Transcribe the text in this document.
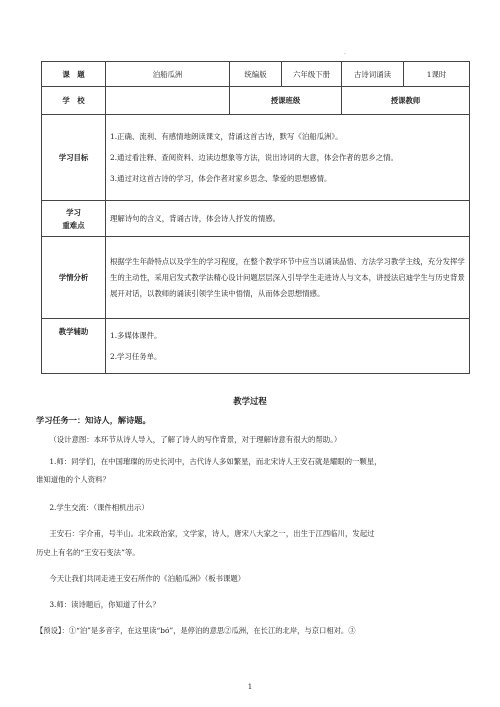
·
课　题	泊船瓜洲	统编版	六年级下册	古诗词诵读	1课时
学　校		授课班级		授课教师	
学习目标	1.正确、流利、有感情地朗读课文，背诵这首古诗，默写《泊船瓜洲》。

2.通过看注释、查阅资料、边读边想象等方法，说出诗词的大意，体会作者的思乡之情。

3.通过对这首古诗的学习，体会作者对家乡思念、挚爱的思想感情。				

学习
重难点	理解诗句的含义，背诵古诗，体会诗人抒发的情感。				
学情分析	根据学生年龄特点以及学生的学习程度，在整个教学环节中应当以诵读品悟、方法学习教学主线，充分发挥学生的主动性，采用启发式教学法精心设计问题层层深入引导学生走进诗人与文本，讲授法启迪学生与历史背景展开对话，以教师的诵读引领学生读中悟情，从而体会思想情感。				
教学辅助	1.多媒体课件。

2.学习任务单。				

教学过程
学习任务一：知诗人，解诗题。
（设计意图：本环节从诗人导入，了解了诗人的写作背景，对于理解诗意有很大的帮助。）
1.师：同学们，在中国璀璨的历史长河中，古代诗人多如繁星，而北宋诗人王安石就是耀眼的一颗星，
谁知道他的个人资料？
2.学生交流：（课件相机出示）
王安石：字介甫，号半山。北宋政治家，文学家，诗人，唐宋八大家之一，出生于江西临川，发起过
历史上有名的“王安石变法”等。
今天让我们共同走进王安石所作的《泊船瓜洲》（板书课题）
3.师：读诗题后，你知道了什么？
【预设】：①“泊”是多音字，在这里读“bó”，是停泊的意思②瓜洲，在长江的北岸，与京口相对。③
1
